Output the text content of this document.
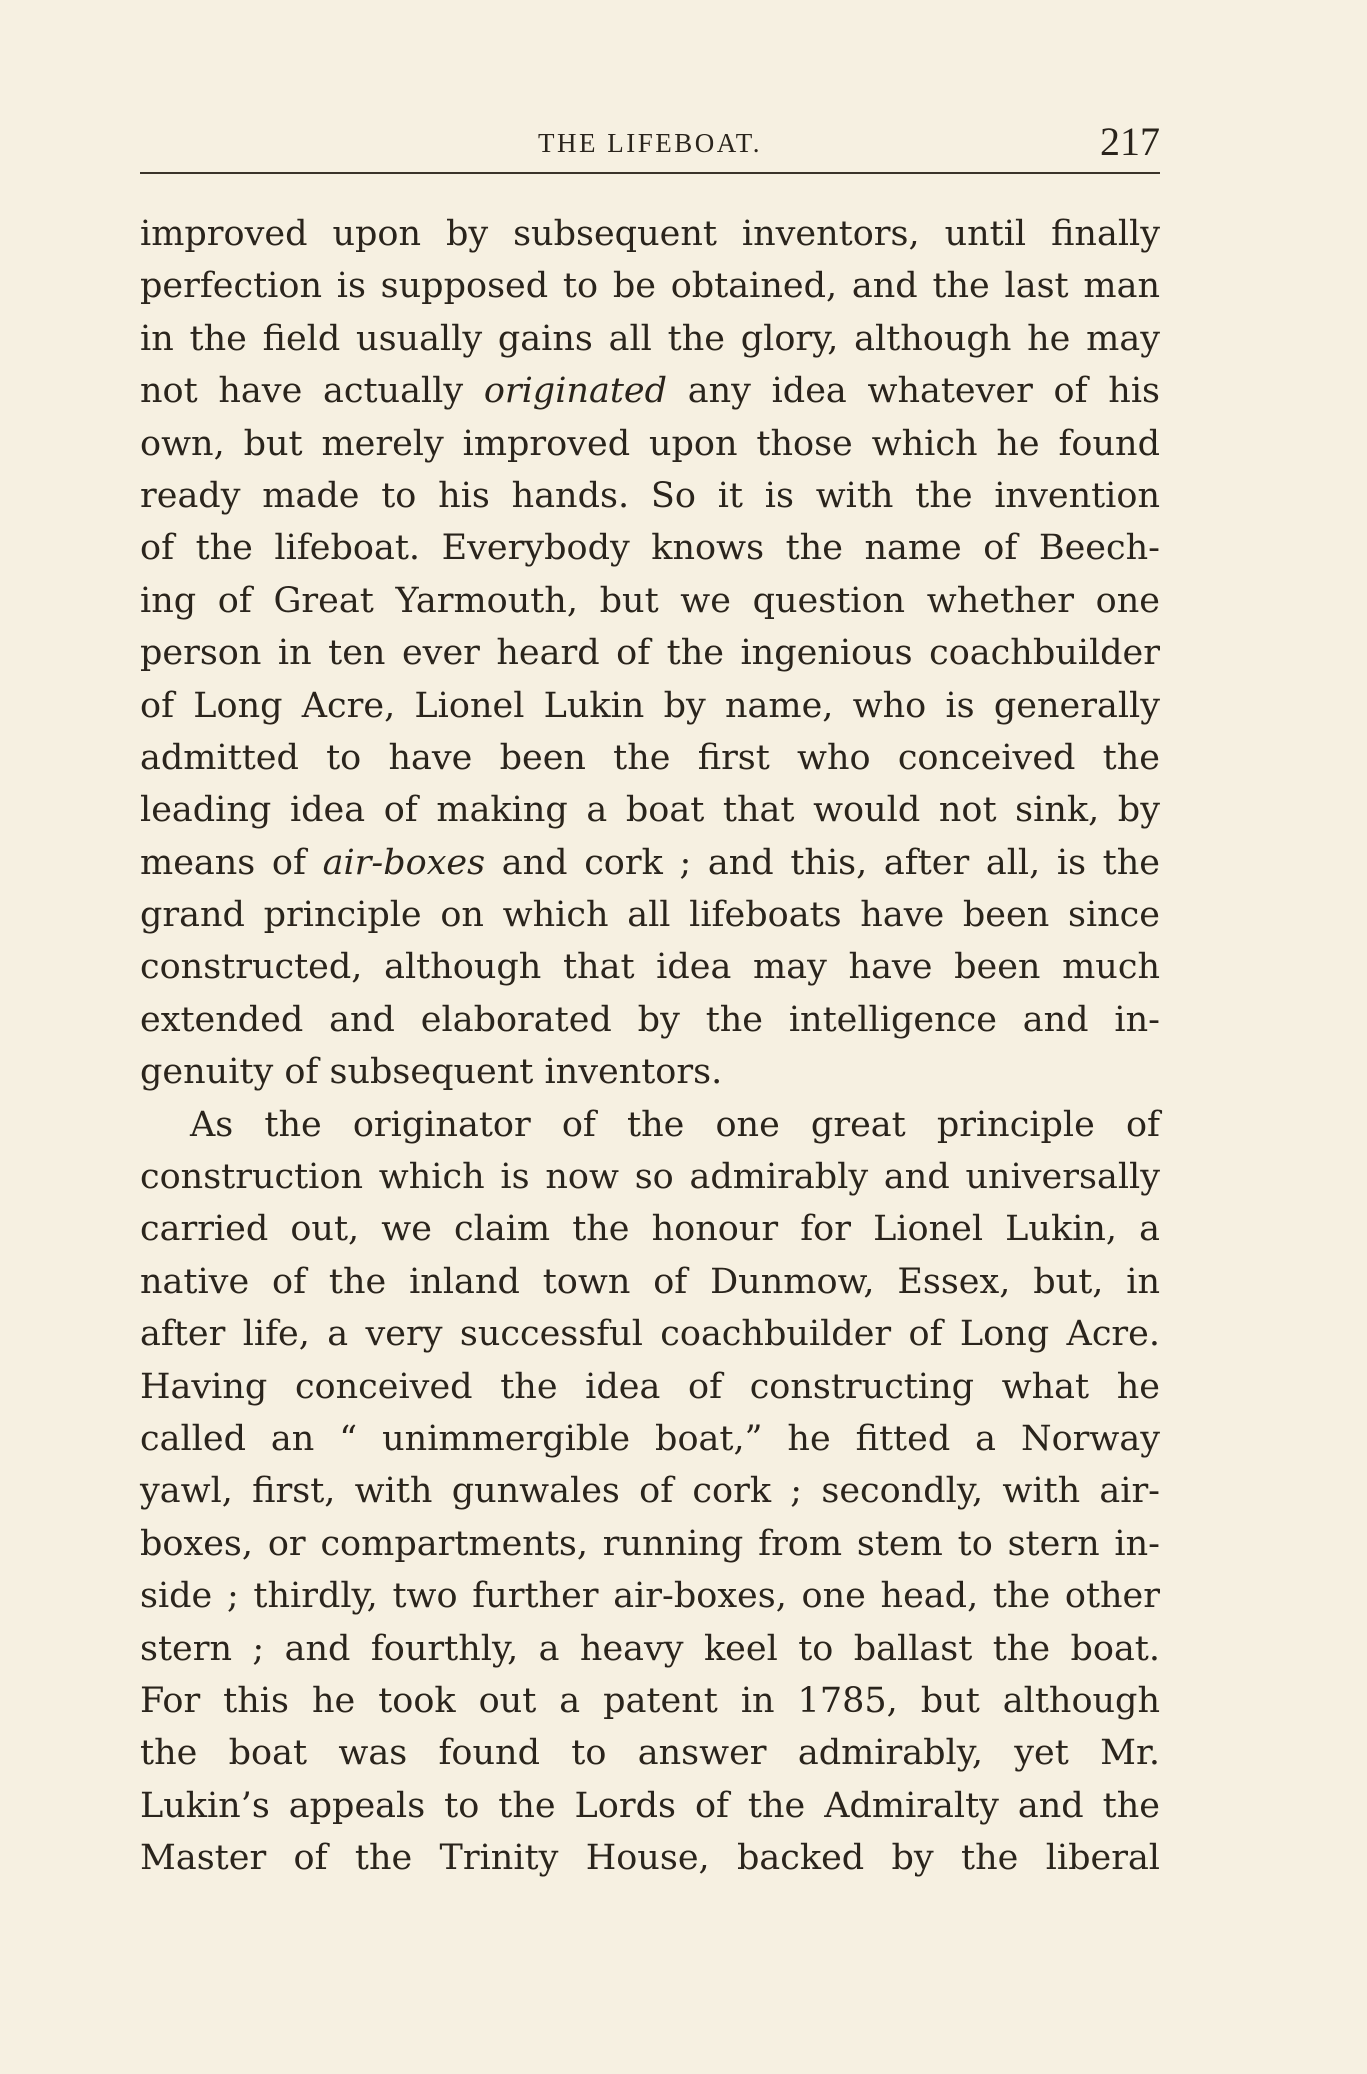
THE LIFEBOAT.	217
improved upon by subsequent inventors, until finally
perfection is supposed to be obtained, and the last man
in the field usually gains all the glory, although he may
not have actually originated any idea whatever of his
own, but merely improved upon those which he found
ready made to his hands. So it is with the invention
of the lifeboat. Everybody knows the name of Beech-
ing of Great Yarmouth, but we question whether one
person in ten ever heard of the ingenious coachbuilder
of Long Acre, Lionel Lukin by name, who is generally
admitted to have been the first who conceived the
leading idea of making a boat that would not sink, by
means of air-boxes and cork ; and this, after all, is the
grand principle on which all lifeboats have been since
constructed, although that idea may have been much
extended and elaborated by the intelligence and in-
genuity of subsequent inventors.
As the originator of the one great principle of
construction which is now so admirably and universally
carried out, we claim the honour for Lionel Lukin, a
native of the inland town of Dunmow, Essex, but, in
after life, a very successful coachbuilder of Long Acre.
Having conceived the idea of constructing what he
called an “ unimmergible boat,” he fitted a Norway
yawl, first, with gunwales of cork ; secondly, with air-
boxes, or compartments, running from stem to stern in-
side ; thirdly, two further air-boxes, one head, the other
stern ; and fourthly, a heavy keel to ballast the boat.
For this he took out a patent in 1785, but although
the boat was found to answer admirably, yet Mr.
Lukin’s appeals to the Lords of the Admiralty and the
Master of the Trinity House, backed by the liberal
